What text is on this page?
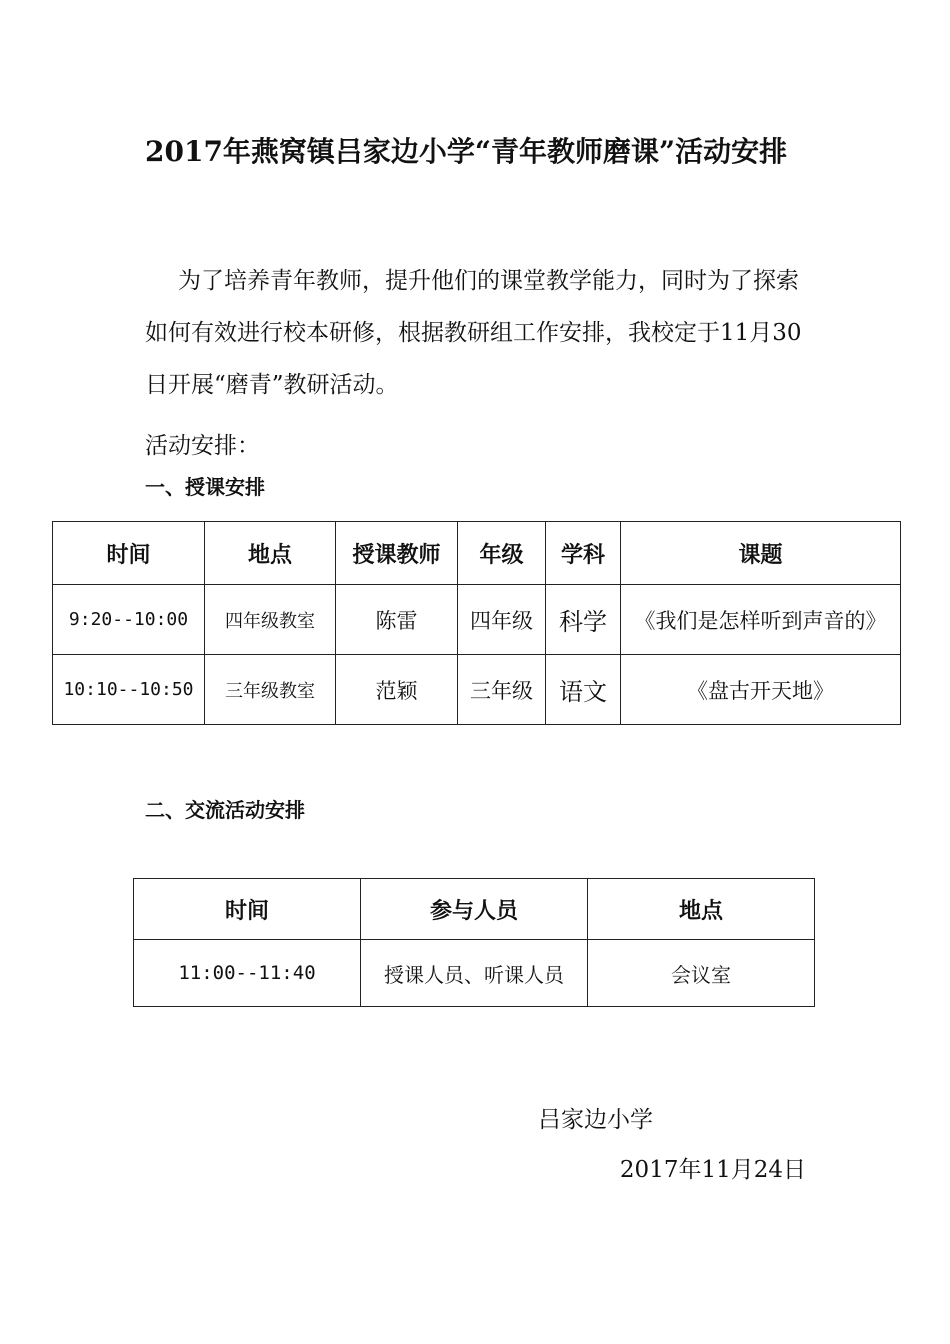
2017年燕窝镇吕家边小学“青年教师磨课”活动安排

为了培养青年教师，提升他们的课堂教学能力，同时为了探索如何有效进行校本研修，根据教研组工作安排，我校定于11月30日开展“磨青”教研活动。

活动安排：
一、授课安排
时间	地点	授课教师	年级	学科	课题
9:20--10:00	四年级教室	陈雷	四年级	科学	《我们是怎样听到声音的》
10:10--10:50	三年级教室	范颖	三年级	语文	《盘古开天地》
二、交流活动安排
时间	参与人员	地点
11:00--11:40	授课人员、听课人员	会议室
吕家边小学
2017年11月24日
